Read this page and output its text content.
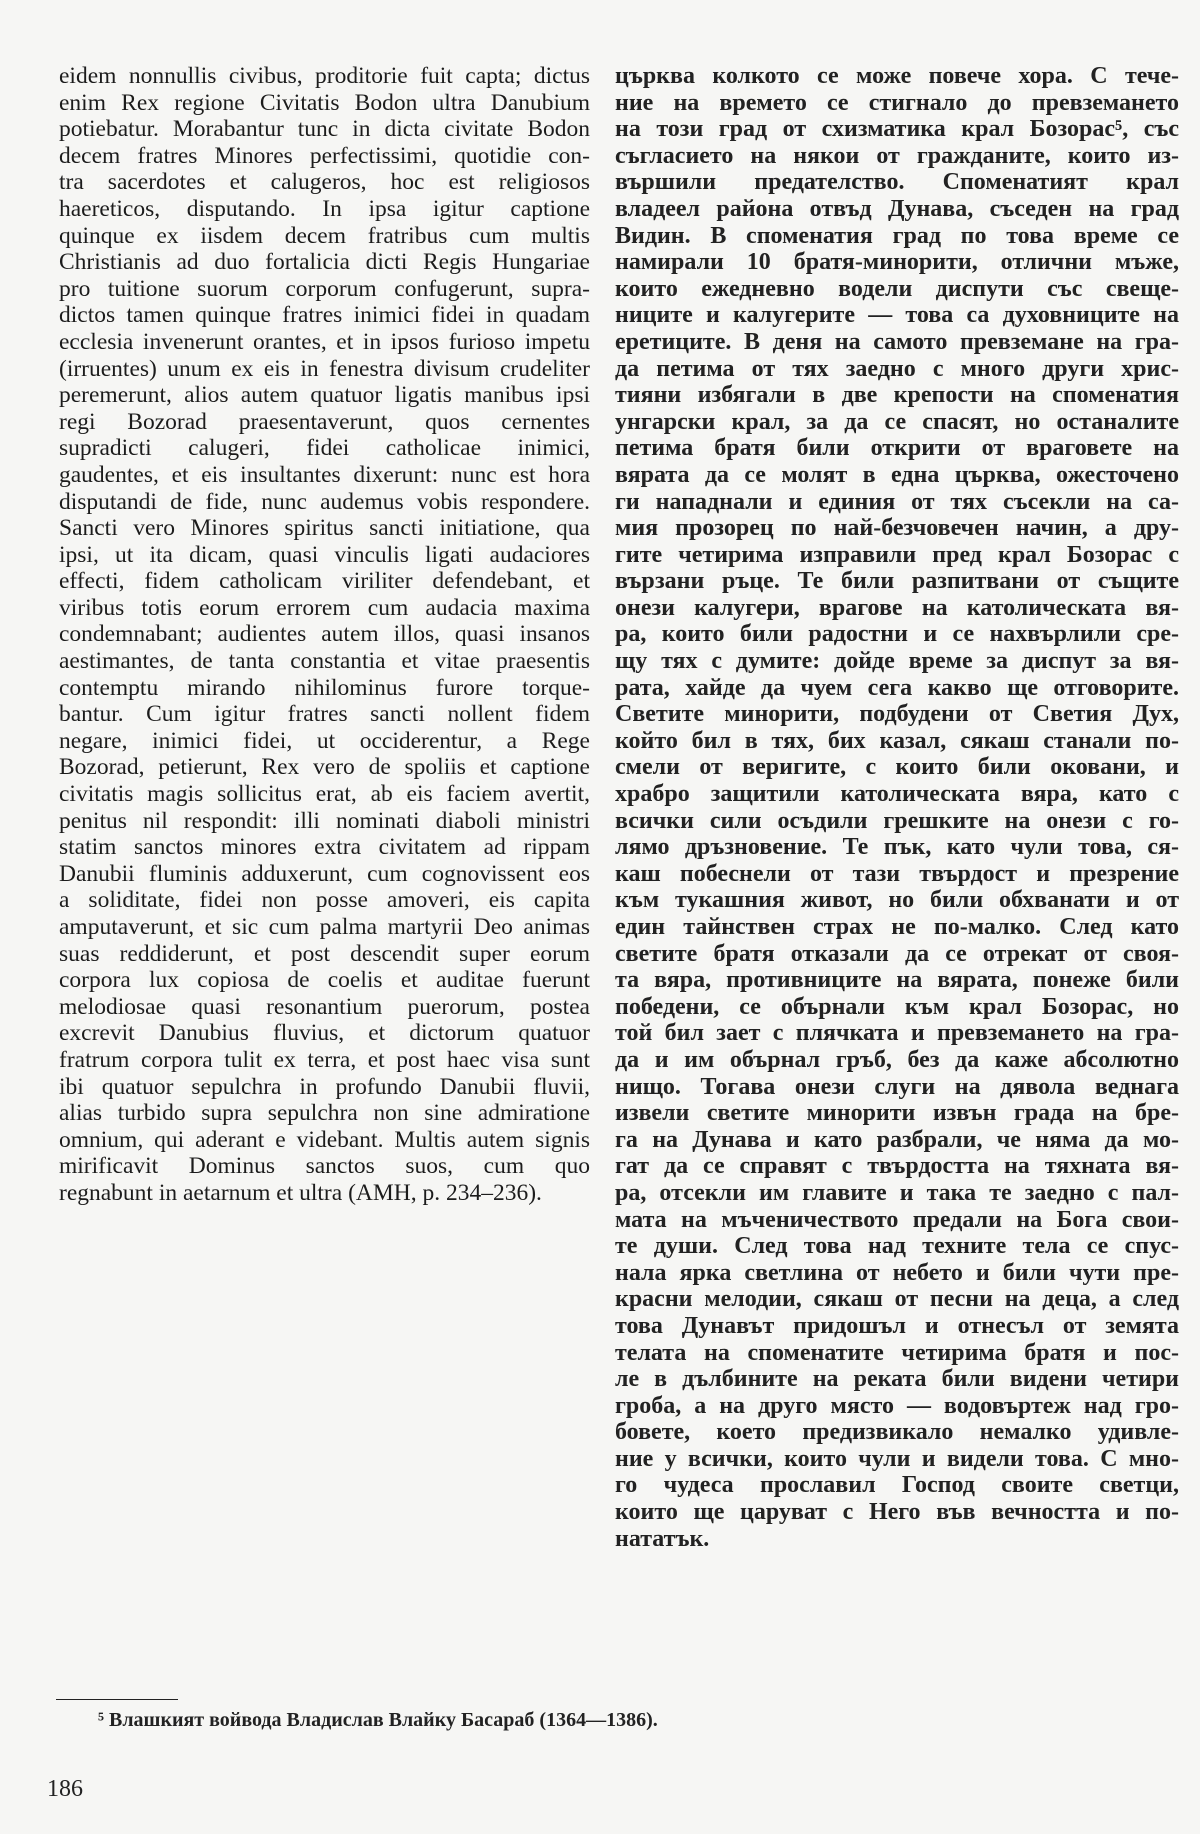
eidem nonnullis civibus, proditorie fuit capta; dictus
enim Rex regione Civitatis Bodon ultra Danubium
potiebatur. Morabantur tunc in dicta civitate Bodon
decem fratres Minores perfectissimi, quotidie con-
tra sacerdotes et calugeros, hoc est religiosos
haereticos, disputando. In ipsa igitur captione
quinque ex iisdem decem fratribus cum multis
Christianis ad duo fortalicia dicti Regis Hungariae
pro tuitione suorum corporum confugerunt, supra-
dictos tamen quinque fratres inimici fidei in quadam
ecclesia invenerunt orantes, et in ipsos furioso impetu
(irruentes) unum ex eis in fenestra divisum crudeliter
peremerunt, alios autem quatuor ligatis manibus ipsi
regi Bozorad praesentaverunt, quos cernentes
supradicti calugeri, fidei catholicae inimici,
gaudentes, et eis insultantes dixerunt: nunc est hora
disputandi de fide, nunc audemus vobis respondere.
Sancti vero Minores spiritus sancti initiatione, qua
ipsi, ut ita dicam, quasi vinculis ligati audaciores
effecti, fidem catholicam viriliter defendebant, et
viribus totis eorum errorem cum audacia maxima
condemnabant; audientes autem illos, quasi insanos
aestimantes, de tanta constantia et vitae praesentis
contemptu mirando nihilominus furore torque-
bantur. Cum igitur fratres sancti nollent fidem
negare, inimici fidei, ut occiderentur, a Rege
Bozorad, petierunt, Rex vero de spoliis et captione
civitatis magis sollicitus erat, ab eis faciem avertit,
penitus nil respondit: illi nominati diaboli ministri
statim sanctos minores extra civitatem ad rippam
Danubii fluminis adduxerunt, cum cognovissent eos
a soliditate, fidei non posse amoveri, eis capita
amputaverunt, et sic cum palma martyrii Deo animas
suas reddiderunt, et post descendit super eorum
corpora lux copiosa de coelis et auditae fuerunt
melodiosae quasi resonantium puerorum, postea
excrevit Danubius fluvius, et dictorum quatuor
fratrum corpora tulit ex terra, et post haec visa sunt
ibi quatuor sepulchra in profundo Danubii fluvii,
alias turbido supra sepulchra non sine admiratione
omnium, qui aderant e videbant. Multis autem signis
mirificavit Dominus sanctos suos, cum quo
regnabunt in aetarnum et ultra (AMH, p. 234–236).
църква колкото се може повече хора. С тече-
ние на времето се стигнало до превземането
на този град от схизматика крал Бозорас⁵, със
съгласието на някои от гражданите, които из-
вършили предателство. Споменатият крал
владеел района отвъд Дунава, съседен на град
Видин. В споменатия град по това време се
намирали 10 братя-минорити, отлични мъже,
които ежедневно водели диспути със свеще-
ниците и калугерите — това са духовниците на
еретиците. В деня на самото превземане на гра-
да петима от тях заедно с много други хрис-
тияни избягали в две крепости на споменатия
унгарски крал, за да се спасят, но останалите
петима братя били открити от враговете на
вярата да се молят в една църква, ожесточено
ги нападнали и единия от тях съсекли на са-
мия прозорец по най-безчовечен начин, а дру-
гите четирима изправили пред крал Бозорас с
вързани ръце. Те били разпитвани от същите
онези калугери, врагове на католическата вя-
ра, които били радостни и се нахвърлили сре-
щу тях с думите: дойде време за диспут за вя-
рата, хайде да чуем сега какво ще отговорите.
Светите минорити, подбудени от Светия Дух,
който бил в тях, бих казал, сякаш станали по-
смели от веригите, с които били оковани, и
храбро защитили католическата вяра, като с
всички сили осъдили грешките на онези с го-
лямо дръзновение. Те пък, като чули това, ся-
каш побеснели от тази твърдост и презрение
към тукашния живот, но били обхванати и от
един тайнствен страх не по-малко. След като
светите братя отказали да се отрекат от своя-
та вяра, противниците на вярата, понеже били
победени, се обърнали към крал Бозорас, но
той бил зает с плячката и превземането на гра-
да и им обърнал гръб, без да каже абсолютно
нищо. Тогава онези слуги на дявола веднага
извели светите минорити извън града на бре-
га на Дунава и като разбрали, че няма да мо-
гат да се справят с твърдостта на тяхната вя-
ра, отсекли им главите и така те заедно с пал-
мата на мъченичеството предали на Бога свои-
те души. След това над техните тела се спус-
нала ярка светлина от небето и били чути пре-
красни мелодии, сякаш от песни на деца, а след
това Дунавът придошъл и отнесъл от земята
телата на споменатите четирима братя и пос-
ле в дълбините на реката били видени четири
гроба, а на друго място — водовъртеж над гро-
бовете, което предизвикало немалко удивле-
ние у всички, които чули и видели това. С мно-
го чудеса прославил Господ своите светци,
които ще царуват с Него във вечността и по-
нататък.
⁵ Влашкият войвода Владислав Влайку Басараб (1364—1386).
186
